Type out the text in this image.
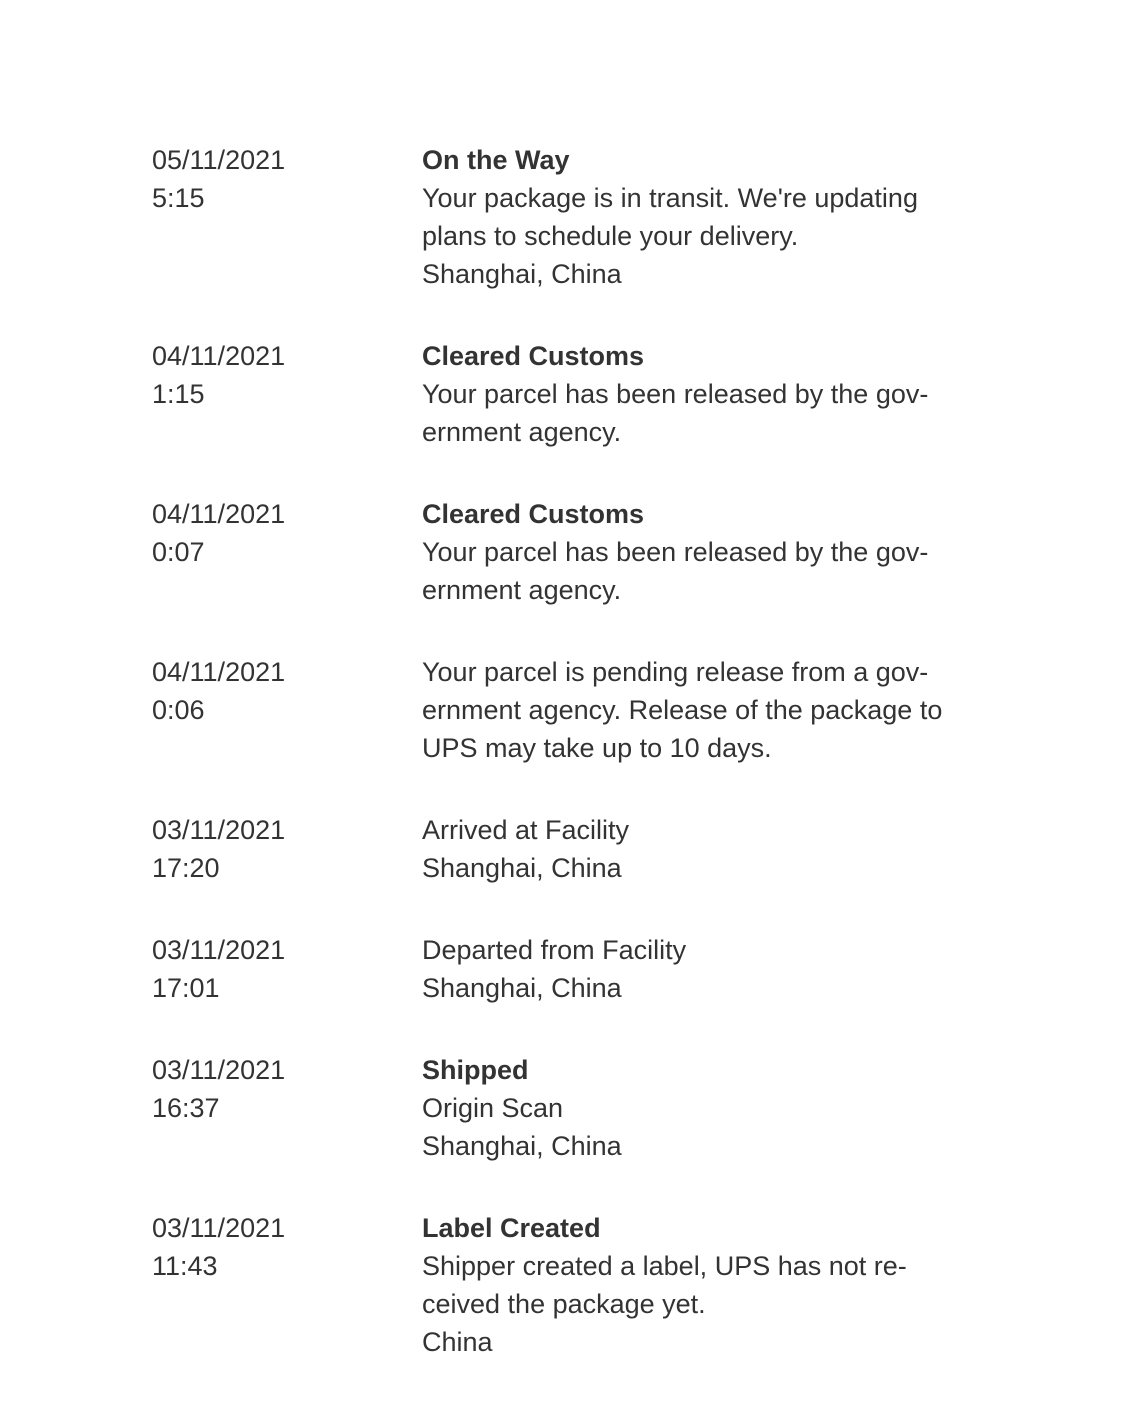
05/11/2021
5:15
On the Way
Your package is in transit. We're updating
plans to schedule your delivery.
Shanghai, China
04/11/2021
1:15
Cleared Customs
Your parcel has been released by the gov-
ernment agency.
04/11/2021
0:07
Cleared Customs
Your parcel has been released by the gov-
ernment agency.
04/11/2021
0:06
Your parcel is pending release from a gov-
ernment agency. Release of the package to
UPS may take up to 10 days.
03/11/2021
17:20
Arrived at Facility
Shanghai, China
03/11/2021
17:01
Departed from Facility
Shanghai, China
03/11/2021
16:37
Shipped
Origin Scan
Shanghai, China
03/11/2021
11:43
Label Created
Shipper created a label, UPS has not re-
ceived the package yet.
China
